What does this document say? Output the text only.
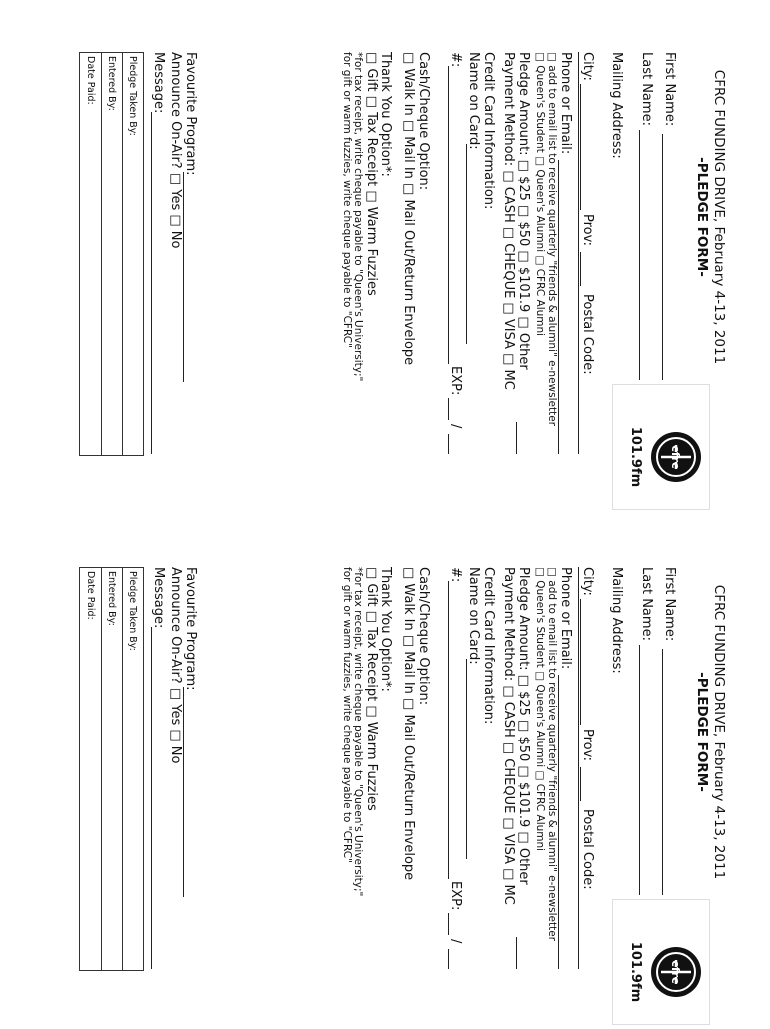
CFRC FUNDING DRIVE, February 4-13, 2011
-PLEDGE FORM-
cfrc
101.9fm
First Name:
Last Name:
Mailing Address:
City:
Prov:
Postal Code:
Phone or Email:
□ add to email list to receive quarterly "friends & alumni" e-newsletter
□ Queen's Student □ Queen's Alumni □ CFRC Alumni
Pledge Amount: □ $25 □ $50 □ $101.9 □ Other
Payment Method: □ CASH □ CHEQUE □ VISA □ MC
Credit Card Information:
Name on Card:
#:
EXP:
/
Cash/Cheque Option:
□ Walk In □ Mail In □ Mail Out/Return Envelope
Thank You Option*:
□ Gift □ Tax Receipt □ Warm Fuzzies
*for tax receipt, write cheque payable to "Queen's University;"
for gift or warm fuzzies, write cheque payable to "CFRC"
Favourite Program:
Announce On-Air? □ Yes □ No
Message:
Pledge Taken By:
Entered By:
Date Paid:
CFRC FUNDING DRIVE, February 4-13, 2011
-PLEDGE FORM-
cfrc
101.9fm
First Name:
Last Name:
Mailing Address:
City:
Prov:
Postal Code:
Phone or Email:
□ add to email list to receive quarterly "friends & alumni" e-newsletter
□ Queen's Student □ Queen's Alumni □ CFRC Alumni
Pledge Amount: □ $25 □ $50 □ $101.9 □ Other
Payment Method: □ CASH □ CHEQUE □ VISA □ MC
Credit Card Information:
Name on Card:
#:
EXP:
/
Cash/Cheque Option:
□ Walk In □ Mail In □ Mail Out/Return Envelope
Thank You Option*:
□ Gift □ Tax Receipt □ Warm Fuzzies
*for tax receipt, write cheque payable to "Queen's University;"
for gift or warm fuzzies, write cheque payable to "CFRC"
Favourite Program:
Announce On-Air? □ Yes □ No
Message:
Pledge Taken By:
Entered By:
Date Paid:
